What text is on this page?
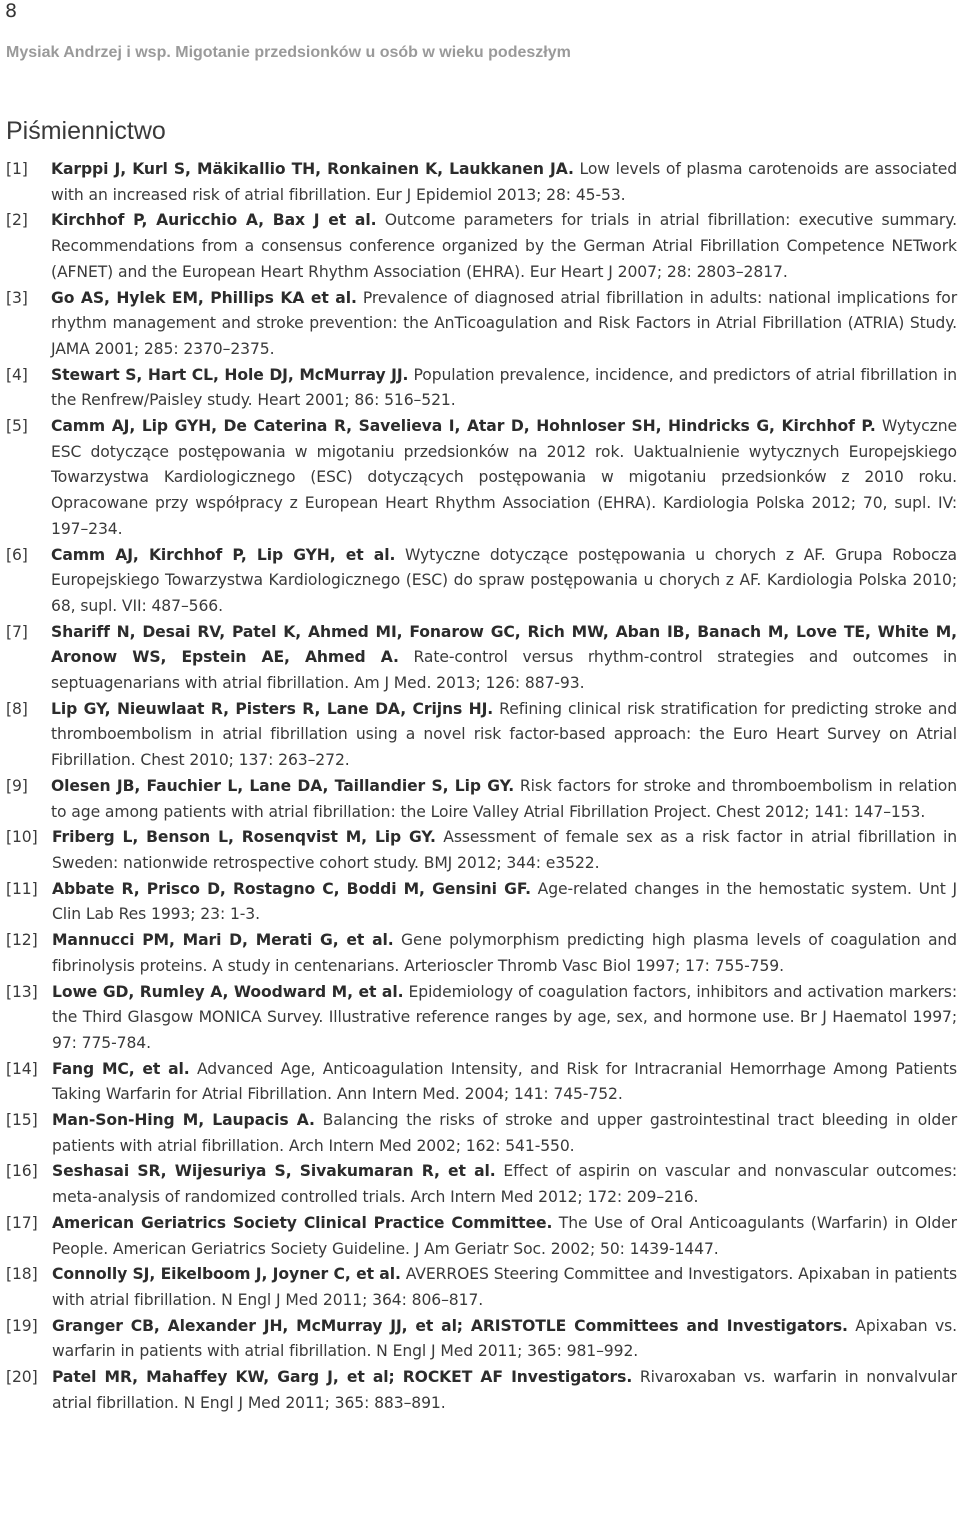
8
Mysiak Andrzej i wsp. Migotanie przedsionków u osób w wieku podeszłym
Piśmiennictwo
[1] Karppi J, Kurl S, Mäkikallio TH, Ronkainen K, Laukkanen JA. Low levels of plasma carotenoids are associated with an increased risk of atrial fibrillation. Eur J Epidemiol 2013; 28: 45-53.
[2] Kirchhof P, Auricchio A, Bax J et al. Outcome parameters for trials in atrial fibrillation: executive summary. Recommendations from a consensus conference organized by the German Atrial Fibrillation Competence NETwork (AFNET) and the European Heart Rhythm Association (EHRA). Eur Heart J 2007; 28: 2803–2817.
[3] Go AS, Hylek EM, Phillips KA et al. Prevalence of diagnosed atrial fibrillation in adults: national implications for rhythm management and stroke prevention: the AnTicoagulation and Risk Factors in Atrial Fibrillation (ATRIA) Study. JAMA 2001; 285: 2370–2375.
[4] Stewart S, Hart CL, Hole DJ, McMurray JJ. Population prevalence, incidence, and predictors of atrial fibrillation in the Renfrew/Paisley study. Heart 2001; 86: 516–521.
[5] Camm AJ, Lip GYH, De Caterina R, Savelieva I, Atar D, Hohnloser SH, Hindricks G, Kirchhof P. Wytyczne ESC dotyczące postępowania w migotaniu przedsionków na 2012 rok. Uaktualnienie wytycznych Europejskiego Towarzystwa Kardiologicznego (ESC) dotyczących postępowania w migotaniu przedsionków z 2010 roku. Opracowane przy współpracy z European Heart Rhythm Association (EHRA). Kardiologia Polska 2012; 70, supl. IV: 197–234.
[6] Camm AJ, Kirchhof P, Lip GYH, et al. Wytyczne dotyczące postępowania u chorych z AF. Grupa Robocza Europejskiego Towarzystwa Kardiologicznego (ESC) do spraw postępowania u chorych z AF. Kardiologia Polska 2010; 68, supl. VII: 487–566.
[7] Shariff N, Desai RV, Patel K, Ahmed MI, Fonarow GC, Rich MW, Aban IB, Banach M, Love TE, White M, Aronow WS, Epstein AE, Ahmed A. Rate-control versus rhythm-control strategies and outcomes in septuagenarians with atrial fibrillation. Am J Med. 2013; 126: 887-93.
[8] Lip GY, Nieuwlaat R, Pisters R, Lane DA, Crijns HJ. Refining clinical risk stratification for predicting stroke and thromboembolism in atrial fibrillation using a novel risk factor-based approach: the Euro Heart Survey on Atrial Fibrillation. Chest 2010; 137: 263–272.
[9] Olesen JB, Fauchier L, Lane DA, Taillandier S, Lip GY. Risk factors for stroke and thromboembolism in relation to age among patients with atrial fibrillation: the Loire Valley Atrial Fibrillation Project. Chest 2012; 141: 147–153.
[10] Friberg L, Benson L, Rosenqvist M, Lip GY. Assessment of female sex as a risk factor in atrial fibrillation in Sweden: nationwide retrospective cohort study. BMJ 2012; 344: e3522.
[11] Abbate R, Prisco D, Rostagno C, Boddi M, Gensini GF. Age-related changes in the hemostatic system. Unt J Clin Lab Res 1993; 23: 1-3.
[12] Mannucci PM, Mari D, Merati G, et al. Gene polymorphism predicting high plasma levels of coagulation and fibrinolysis proteins. A study in centenarians. Arterioscler Thromb Vasc Biol 1997; 17: 755-759.
[13] Lowe GD, Rumley A, Woodward M, et al. Epidemiology of coagulation factors, inhibitors and activation markers: the Third Glasgow MONICA Survey. Illustrative reference ranges by age, sex, and hormone use. Br J Haematol 1997; 97: 775-784.
[14] Fang MC, et al. Advanced Age, Anticoagulation Intensity, and Risk for Intracranial Hemorrhage Among Patients Taking Warfarin for Atrial Fibrillation. Ann Intern Med. 2004; 141: 745-752.
[15] Man-Son-Hing M, Laupacis A. Balancing the risks of stroke and upper gastrointestinal tract bleeding in older patients with atrial fibrillation. Arch Intern Med 2002; 162: 541-550.
[16] Seshasai SR, Wijesuriya S, Sivakumaran R, et al. Effect of aspirin on vascular and nonvascular outcomes: meta-analysis of randomized controlled trials. Arch Intern Med 2012; 172: 209–216.
[17] American Geriatrics Society Clinical Practice Committee. The Use of Oral Anticoagulants (Warfarin) in Older People. American Geriatrics Society Guideline. J Am Geriatr Soc. 2002; 50: 1439-1447.
[18] Connolly SJ, Eikelboom J, Joyner C, et al. AVERROES Steering Committee and Investigators. Apixaban in patients with atrial fibrillation. N Engl J Med 2011; 364: 806–817.
[19] Granger CB, Alexander JH, McMurray JJ, et al; ARISTOTLE Committees and Investigators. Apixaban vs. warfarin in patients with atrial fibrillation. N Engl J Med 2011; 365: 981–992.
[20] Patel MR, Mahaffey KW, Garg J, et al; ROCKET AF Investigators. Rivaroxaban vs. warfarin in nonvalvular atrial fibrillation. N Engl J Med 2011; 365: 883–891.
